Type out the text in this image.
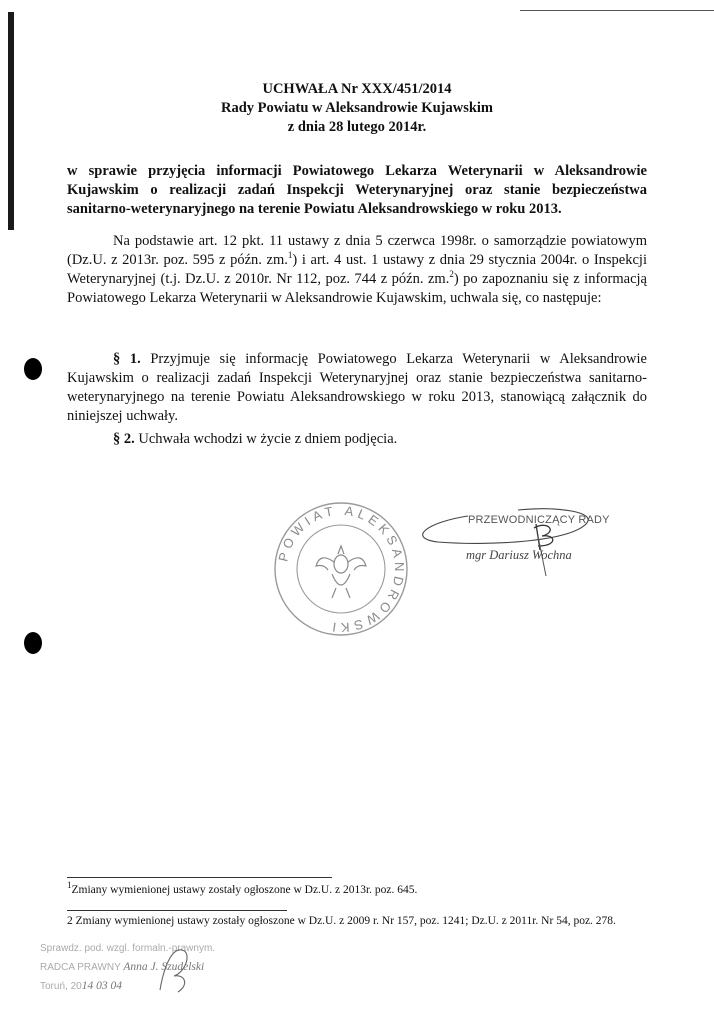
UCHWAŁA Nr XXX/451/2014
Rady Powiatu w Aleksandrowie Kujawskim
z dnia 28 lutego 2014r.
w sprawie przyjęcia informacji Powiatowego Lekarza Weterynarii w Aleksandrowie Kujawskim o realizacji zadań Inspekcji Weterynaryjnej oraz stanie bezpieczeństwa sanitarno-weterynaryjnego na terenie Powiatu Aleksandrowskiego w roku 2013.
Na podstawie art. 12 pkt. 11 ustawy z dnia 5 czerwca 1998r. o samorządzie powiatowym (Dz.U. z 2013r. poz. 595 z późn. zm.$^1$) i art. 4 ust. 1 ustawy z dnia 29 stycznia 2004r. o Inspekcji Weterynaryjnej (t.j. Dz.U. z 2010r. Nr 112, poz. 744 z późn. zm.$^2$) po zapoznaniu się z informacją Powiatowego Lekarza Weterynarii w Aleksandrowie Kujawskim, uchwala się, co następuje:
§ 1. Przyjmuje się informację Powiatowego Lekarza Weterynarii w Aleksandrowie Kujawskim o realizacji zadań Inspekcji Weterynaryjnej oraz stanie bezpieczeństwa sanitarno-weterynaryjnego na terenie Powiatu Aleksandrowskiego w roku 2013, stanowiącą załącznik do niniejszej uchwały.
§ 2. Uchwała wchodzi w życie z dniem podjęcia.
POWIAT ALEKSANDROWSKI
PRZEWODNICZĄCY RADY
mgr Dariusz Wochna
$^1$Zmiany wymienionej ustawy zostały ogłoszone w Dz.U. z 2013r. poz. 645.
2 Zmiany wymienionej ustawy zostały ogłoszone w Dz.U. z 2009 r. Nr 157, poz. 1241; Dz.U. z 2011r. Nr 54, poz. 278.
Sprawdz. pod. wzgl. formaln.-prawnym.
RADCA PRAWNY Anna J. Szudelski
Toruń, 2014 03 04
